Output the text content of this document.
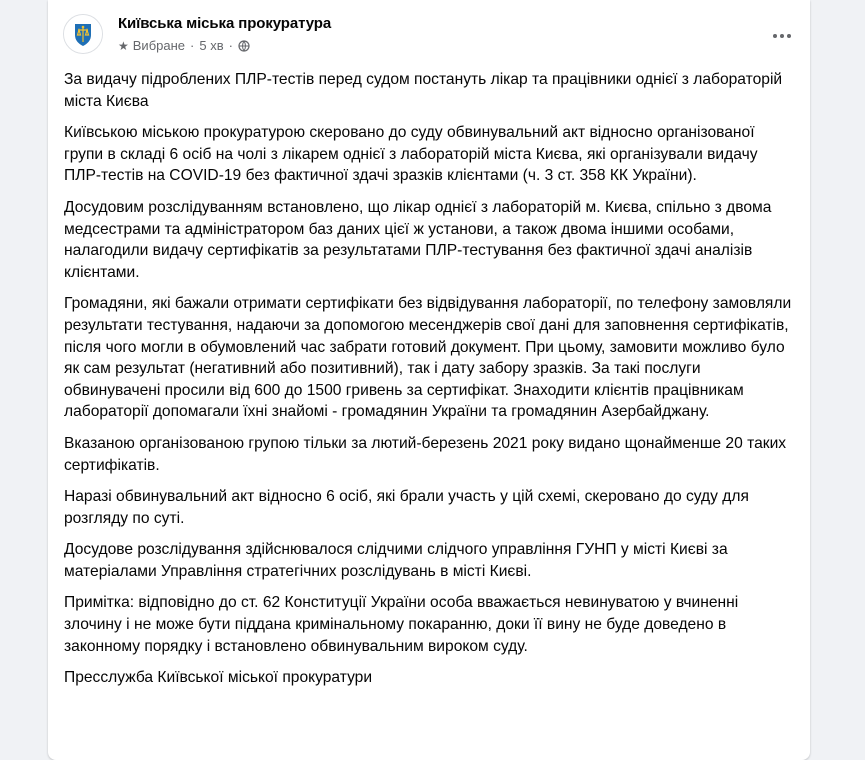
Київська міська прокуратура
★ Вибране · 5 хв ·

За видачу підроблених ПЛР-тестів перед судом постануть лікар та працівники однієї з лабораторій міста Києва

Київською міською прокуратурою скеровано до суду обвинувальний акт відносно організованої групи в складі 6 осіб на чолі з лікарем однієї з лабораторій міста Києва, які організували видачу ПЛР-тестів на COVID-19 без фактичної здачі зразків клієнтами (ч. 3 ст. 358 КК України).

Досудовим розслідуванням встановлено, що лікар однієї з лабораторій м. Києва, спільно з двома медсестрами та адміністратором баз даних цієї ж установи, а також двома іншими особами, налагодили видачу сертифікатів за результатами ПЛР-тестування без фактичної здачі аналізів клієнтами.

Громадяни, які бажали отримати сертифікати без відвідування лабораторії, по телефону замовляли результати тестування, надаючи за допомогою месенджерів свої дані для заповнення сертифікатів, після чого могли в обумовлений час забрати готовий документ. При цьому, замовити можливо було як сам результат (негативний або позитивний), так і дату забору зразків. За такі послуги обвинувачені просили від 600 до 1500 гривень за сертифікат. Знаходити клієнтів працівникам лабораторії допомагали їхні знайомі - громадянин України та громадянин Азербайджану.

Вказаною організованою групою тільки за лютий-березень 2021 року видано щонайменше 20 таких сертифікатів.

Наразі обвинувальний акт відносно 6 осіб, які брали участь у цій схемі, скеровано до суду для розгляду по суті.

Досудове розслідування здійснювалося слідчими слідчого управління ГУНП у місті Києві за матеріалами Управління стратегічних розслідувань в місті Києві.

Примітка: відповідно до ст. 62 Конституції України особа вважається невинуватою у вчиненні злочину і не може бути піддана кримінальному покаранню, доки її вину не буде доведено в законному порядку і встановлено обвинувальним вироком суду.

Пресслужба Київської міської прокуратури
